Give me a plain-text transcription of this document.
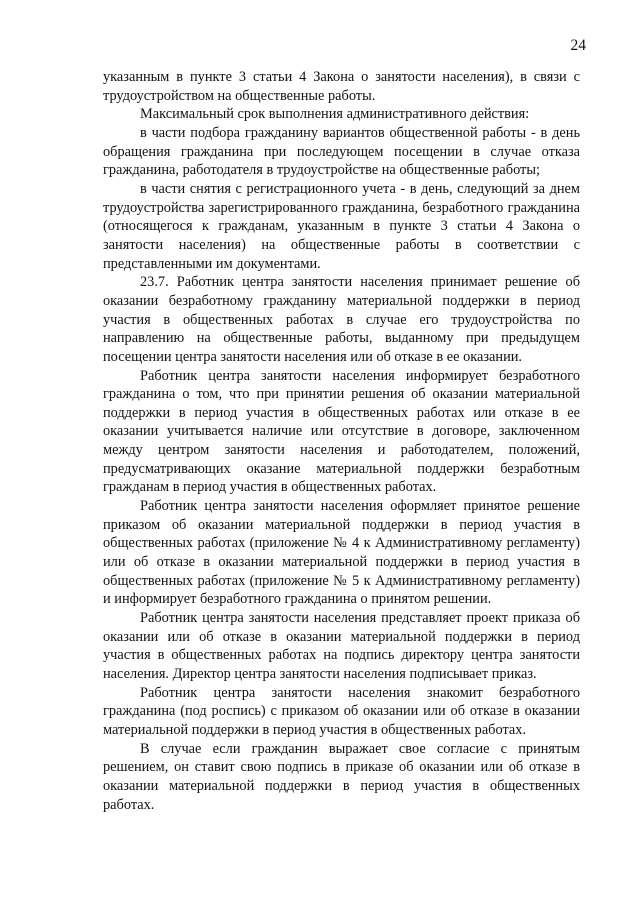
24

указанным в пункте 3 статьи 4 Закона о занятости населения), в связи с трудоустройством на общественные работы.

Максимальный срок выполнения административного действия:

в части подбора гражданину вариантов общественной работы - в день обращения гражданина при последующем посещении в случае отказа гражданина, работодателя в трудоустройстве на общественные работы;

в части снятия с регистрационного учета - в день, следующий за днем трудоустройства зарегистрированного гражданина, безработного гражданина (относящегося к гражданам, указанным в пункте 3 статьи 4 Закона о занятости населения) на общественные работы в соответствии с представленными им документами.

23.7. Работник центра занятости населения принимает решение об оказании безработному гражданину материальной поддержки в период участия в общественных работах в случае его трудоустройства по направлению на общественные работы, выданному при предыдущем посещении центра занятости населения или об отказе в ее оказании.

Работник центра занятости населения информирует безработного гражданина о том, что при принятии решения об оказании материальной поддержки в период участия в общественных работах или отказе в ее оказании учитывается наличие или отсутствие в договоре, заключенном между центром занятости населения и работодателем, положений, предусматривающих оказание материальной поддержки безработным гражданам в период участия в общественных работах.

Работник центра занятости населения оформляет принятое решение приказом об оказании материальной поддержки в период участия в общественных работах (приложение № 4 к Административному регламенту) или об отказе в оказании материальной поддержки в период участия в общественных работах (приложение № 5 к Административному регламенту) и информирует безработного гражданина о принятом решении.

Работник центра занятости населения представляет проект приказа об оказании или об отказе в оказании материальной поддержки в период участия в общественных работах на подпись директору центра занятости населения. Директор центра занятости населения подписывает приказ.

Работник центра занятости населения знакомит безработного гражданина (под роспись) с приказом об оказании или об отказе в оказании материальной поддержки в период участия в общественных работах.

В случае если гражданин выражает свое согласие с принятым решением, он ставит свою подпись в приказе об оказании или об отказе в оказании материальной поддержки в период участия в общественных работах.
